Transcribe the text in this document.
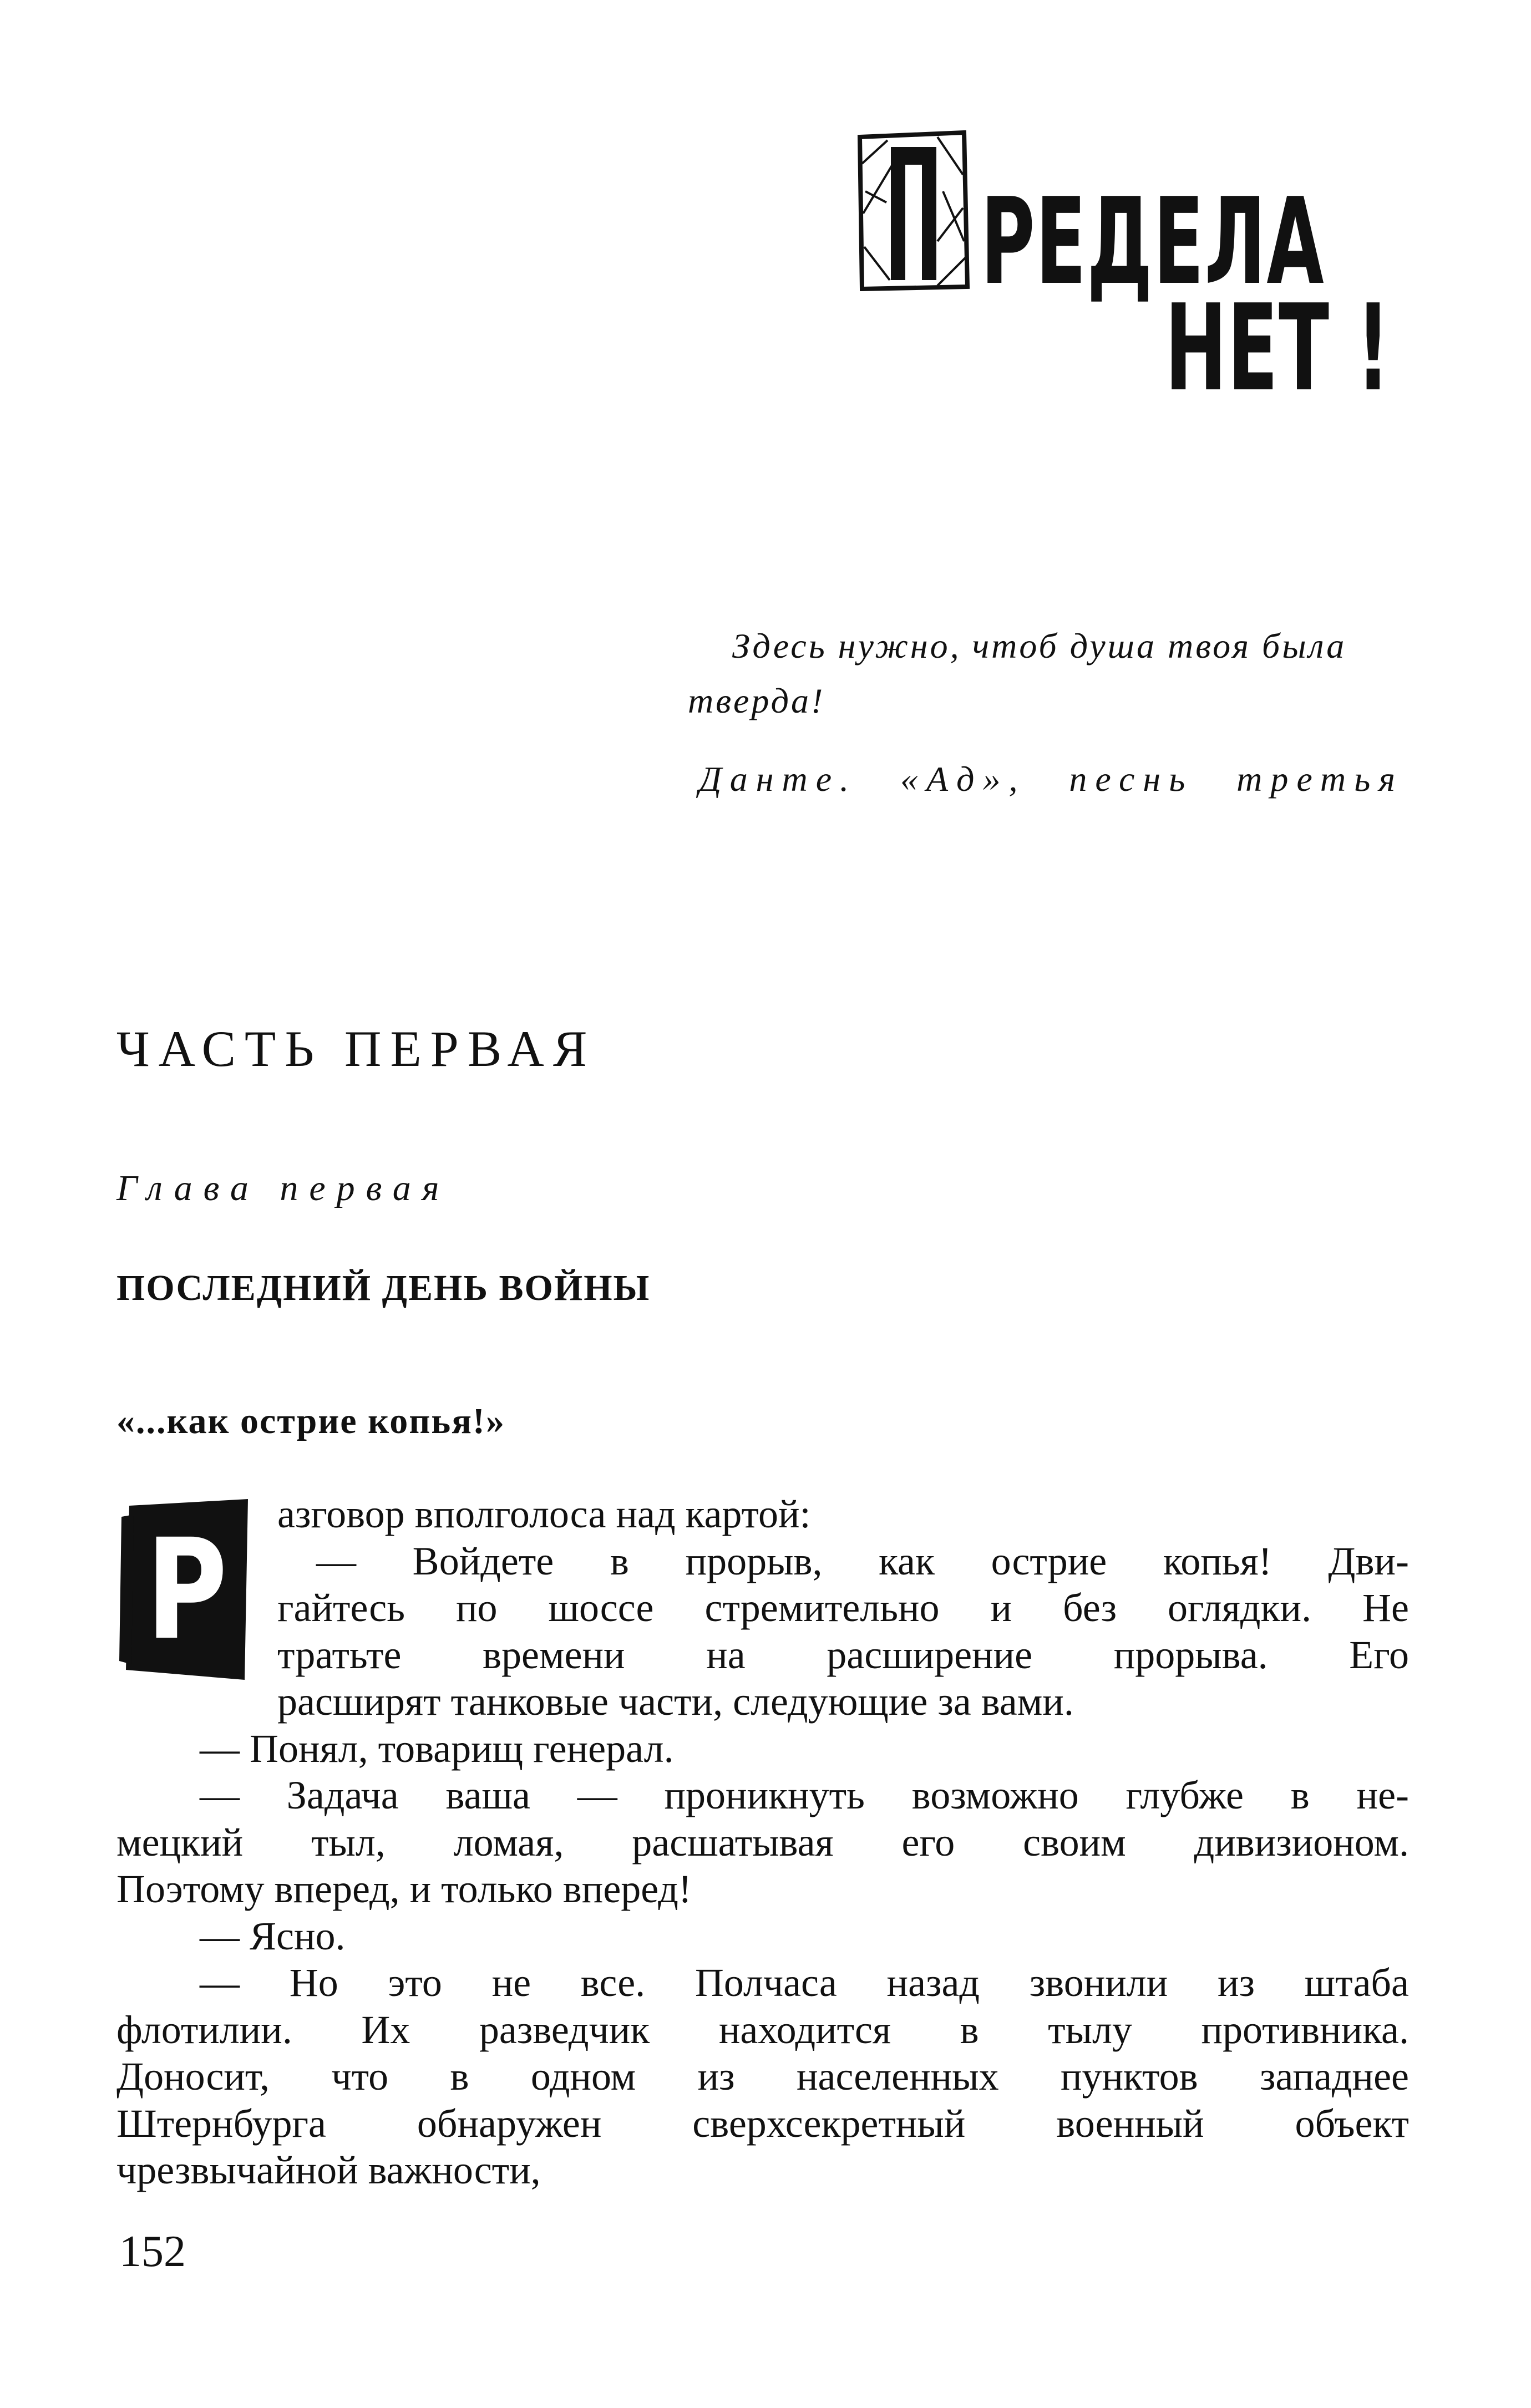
РЕДЕЛА
НЕТ !
Здесь нужно, чтоб душа твоя была тверда!
Данте. «Ад», песнь третья
ЧАСТЬ ПЕРВАЯ
Глава первая
ПОСЛЕДНИЙ ДЕНЬ ВОЙНЫ
«...как острие копья!»
Р азговор вполголоса над картой:
— Войдете в прорыв, как острие копья! Дви-
гайтесь по шоссе стремительно и без оглядки. Не
тратьте времени на расширение прорыва. Его
расширят танковые части, следующие за вами.
— Понял, товарищ генерал.
— Задача ваша — проникнуть возможно глубже в не-
мецкий тыл, ломая, расшатывая его своим дивизионом.
Поэтому вперед, и только вперед!
— Ясно.
— Но это не все. Полчаса назад звонили из штаба
флотилии. Их разведчик находится в тылу противника.
Доносит, что в одном из населенных пунктов западнее
Штернбурга обнаружен сверхсекретный военный объект
чрезвычайной важности,
152
